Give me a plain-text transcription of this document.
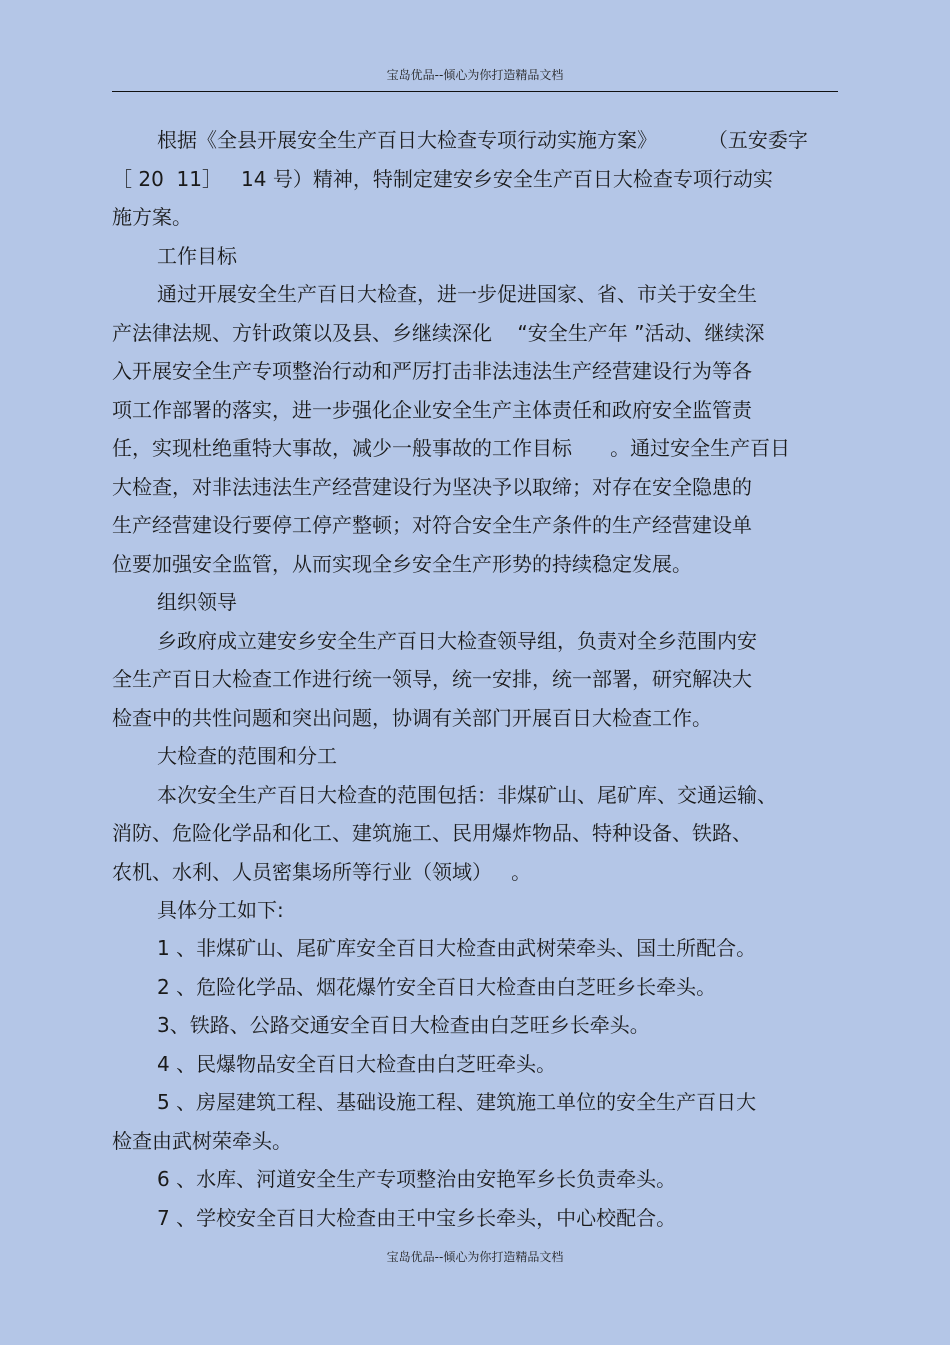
宝岛优品--倾心为你打造精品文档
根据《全县开展安全生产百日大检查专项行动实施方案》        （五安委字
［ 20  11］   14 号）精神，特制定建安乡安全生产百日大检查专项行动实
施方案。
工作目标
通过开展安全生产百日大检查，进一步促进国家、省、市关于安全生
产法律法规、方针政策以及县、乡继续深化    “安全生产年 ”活动、继续深
入开展安全生产专项整治行动和严厉打击非法违法生产经营建设行为等各
项工作部署的落实，进一步强化企业安全生产主体责任和政府安全监管责
任，实现杜绝重特大事故，减少一般事故的工作目标      。通过安全生产百日
大检查，对非法违法生产经营建设行为坚决予以取缔；对存在安全隐患的
生产经营建设行要停工停产整顿；对符合安全生产条件的生产经营建设单
位要加强安全监管，从而实现全乡安全生产形势的持续稳定发展。
组织领导
乡政府成立建安乡安全生产百日大检查领导组，负责对全乡范围内安
全生产百日大检查工作进行统一领导，统一安排，统一部署，研究解决大
检查中的共性问题和突出问题，协调有关部门开展百日大检查工作。
大检查的范围和分工
本次安全生产百日大检查的范围包括：非煤矿山、尾矿库、交通运输、
消防、危险化学品和化工、建筑施工、民用爆炸物品、特种设备、铁路、
农机、水利、人员密集场所等行业（领域）   。
具体分工如下:
1 、非煤矿山、尾矿库安全百日大检查由武树荣牵头、国土所配合。
2 、危险化学品、烟花爆竹安全百日大检查由白芝旺乡长牵头。
3、铁路、公路交通安全百日大检查由白芝旺乡长牵头。
4 、民爆物品安全百日大检查由白芝旺牵头。
5 、房屋建筑工程、基础设施工程、建筑施工单位的安全生产百日大
检查由武树荣牵头。
6 、水库、河道安全生产专项整治由安艳军乡长负责牵头。
7 、学校安全百日大检查由王中宝乡长牵头，中心校配合。
宝岛优品--倾心为你打造精品文档
